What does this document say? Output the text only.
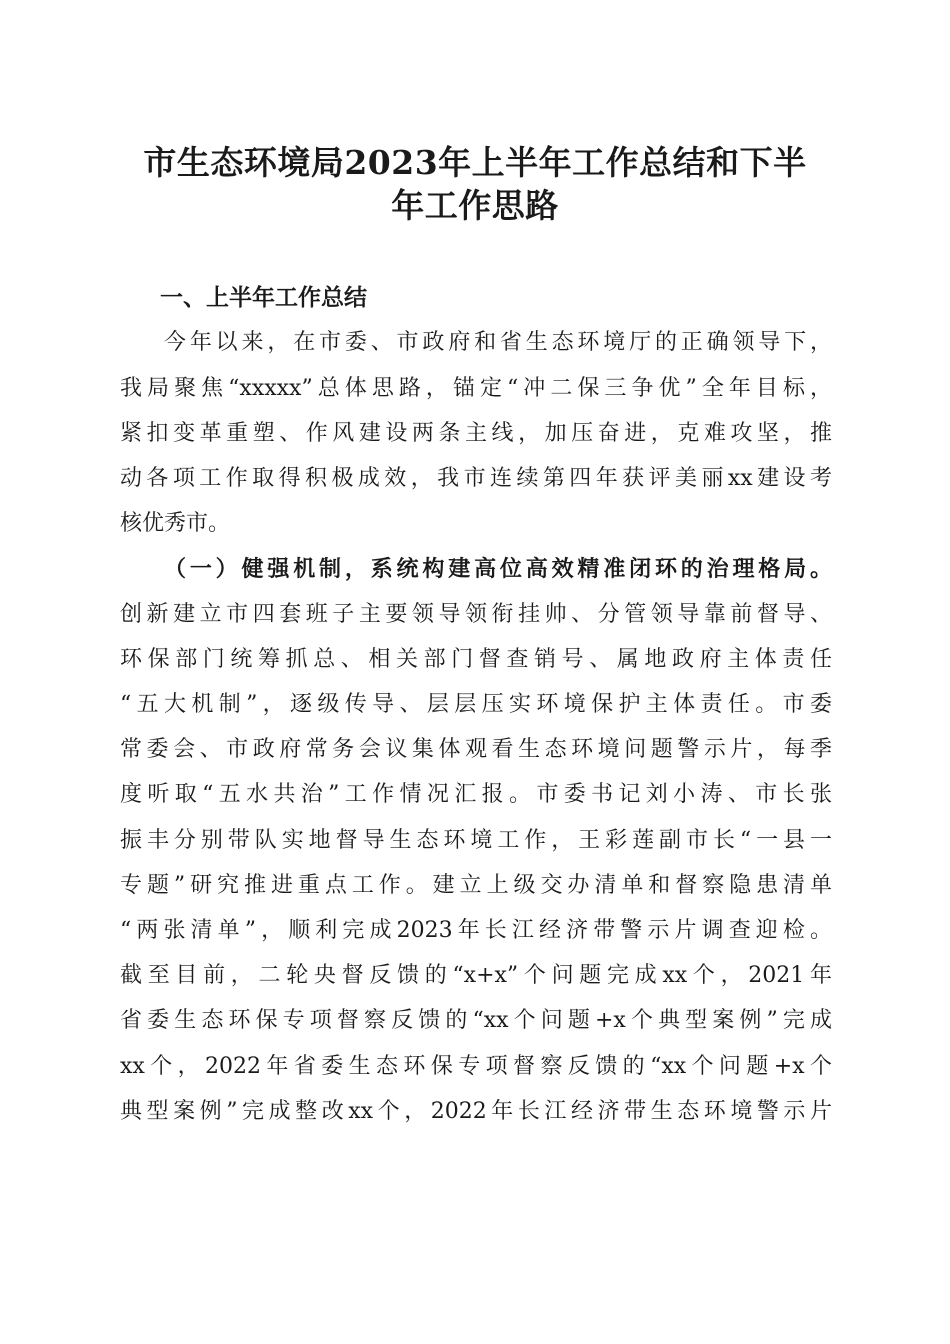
市生态环境局2023年上半年工作总结和下半
年工作思路
一、上半年工作总结

今年以来，在市委、市政府和省生态环境厅的正确领导下，

我局聚焦“xxxxx”总体思路，锚定“冲二保三争优”全年目标，

紧扣变革重塑、作风建设两条主线，加压奋进，克难攻坚，推

动各项工作取得积极成效，我市连续第四年获评美丽xx建设考

核优秀市。

（一）健强机制，系统构建高位高效精准闭环的治理格局。

创新建立市四套班子主要领导领衔挂帅、分管领导靠前督导、

环保部门统筹抓总、相关部门督查销号、属地政府主体责任

“五大机制”，逐级传导、层层压实环境保护主体责任。市委

常委会、市政府常务会议集体观看生态环境问题警示片，每季

度听取“五水共治”工作情况汇报。市委书记刘小涛、市长张

振丰分别带队实地督导生态环境工作，王彩莲副市长“一县一

专题”研究推进重点工作。建立上级交办清单和督察隐患清单

“两张清单”，顺利完成2023年长江经济带警示片调查迎检。

截至目前，二轮央督反馈的“x+x”个问题完成xx个，2021年

省委生态环保专项督察反馈的“xx个问题+x个典型案例”完成

xx个，2022年省委生态环保专项督察反馈的“xx个问题+x个

典型案例”完成整改xx个，2022年长江经济带生态环境警示片
